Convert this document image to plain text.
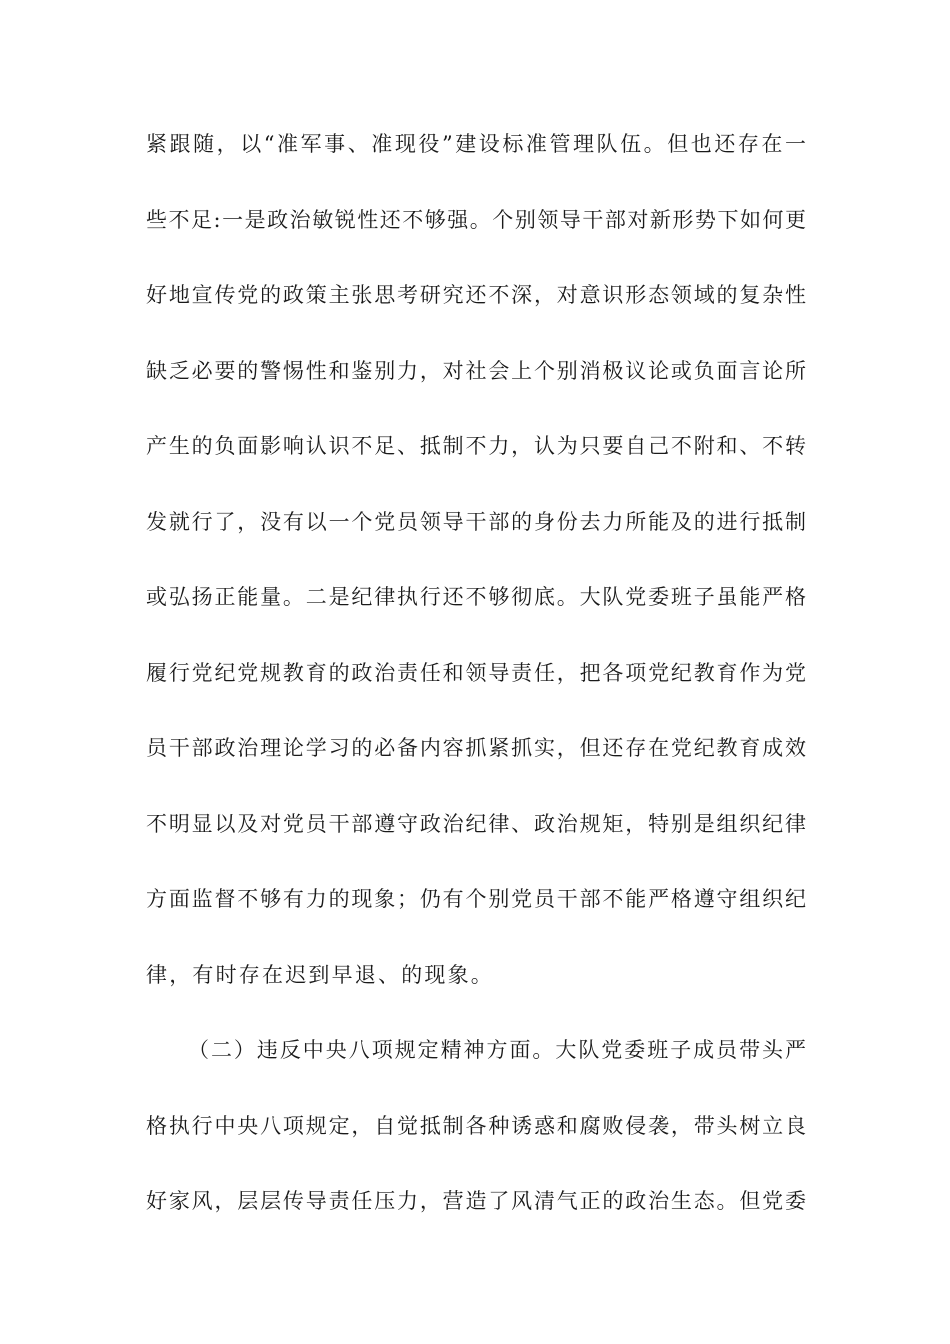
紧跟随，以“准军事、准现役”建设标准管理队伍。但也还存在一
些不足:一是政治敏锐性还不够强。个别领导干部对新形势下如何更
好地宣传党的政策主张思考研究还不深，对意识形态领域的复杂性
缺乏必要的警惕性和鉴别力，对社会上个别消极议论或负面言论所
产生的负面影响认识不足、抵制不力，认为只要自己不附和、不转
发就行了，没有以一个党员领导干部的身份去力所能及的进行抵制
或弘扬正能量。二是纪律执行还不够彻底。大队党委班子虽能严格
履行党纪党规教育的政治责任和领导责任，把各项党纪教育作为党
员干部政治理论学习的必备内容抓紧抓实，但还存在党纪教育成效
不明显以及对党员干部遵守政治纪律、政治规矩，特别是组织纪律
方面监督不够有力的现象；仍有个别党员干部不能严格遵守组织纪
律，有时存在迟到早退、的现象。
（二）违反中央八项规定精神方面。大队党委班子成员带头严
格执行中央八项规定，自觉抵制各种诱惑和腐败侵袭，带头树立良
好家风，层层传导责任压力，营造了风清气正的政治生态。但党委
